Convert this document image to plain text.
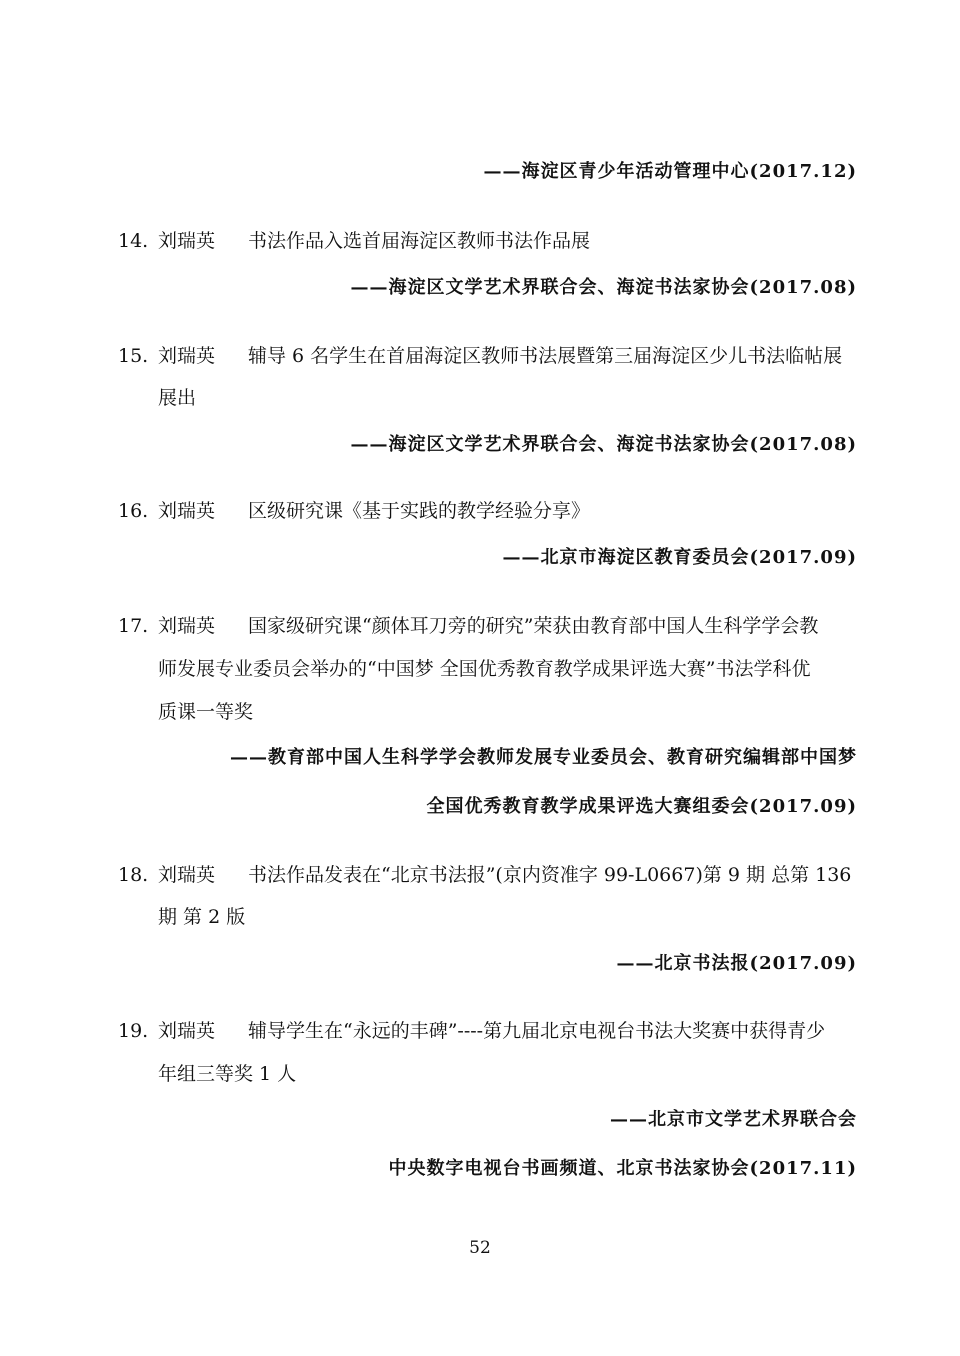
——海淀区青少年活动管理中心(2017.12)
14. 刘瑞英 书法作品入选首届海淀区教师书法作品展
——海淀区文学艺术界联合会、海淀书法家协会(2017.08)
15. 刘瑞英 辅导 6 名学生在首届海淀区教师书法展暨第三届海淀区少儿书法临帖展
展出
——海淀区文学艺术界联合会、海淀书法家协会(2017.08)
16. 刘瑞英 区级研究课《基于实践的教学经验分享》
——北京市海淀区教育委员会(2017.09)
17. 刘瑞英 国家级研究课“颜体耳刀旁的研究”荣获由教育部中国人生科学学会教
师发展专业委员会举办的“中国梦 全国优秀教育教学成果评选大赛”书法学科优
质课一等奖
——教育部中国人生科学学会教师发展专业委员会、教育研究编辑部中国梦
全国优秀教育教学成果评选大赛组委会(2017.09)
18. 刘瑞英 书法作品发表在“北京书法报”(京内资准字 99-L0667)第 9 期 总第 136
期 第 2 版
——北京书法报(2017.09)
19. 刘瑞英 辅导学生在“永远的丰碑”----第九届北京电视台书法大奖赛中获得青少
年组三等奖 1 人
——北京市文学艺术界联合会
中央数字电视台书画频道、北京书法家协会(2017.11)
52
